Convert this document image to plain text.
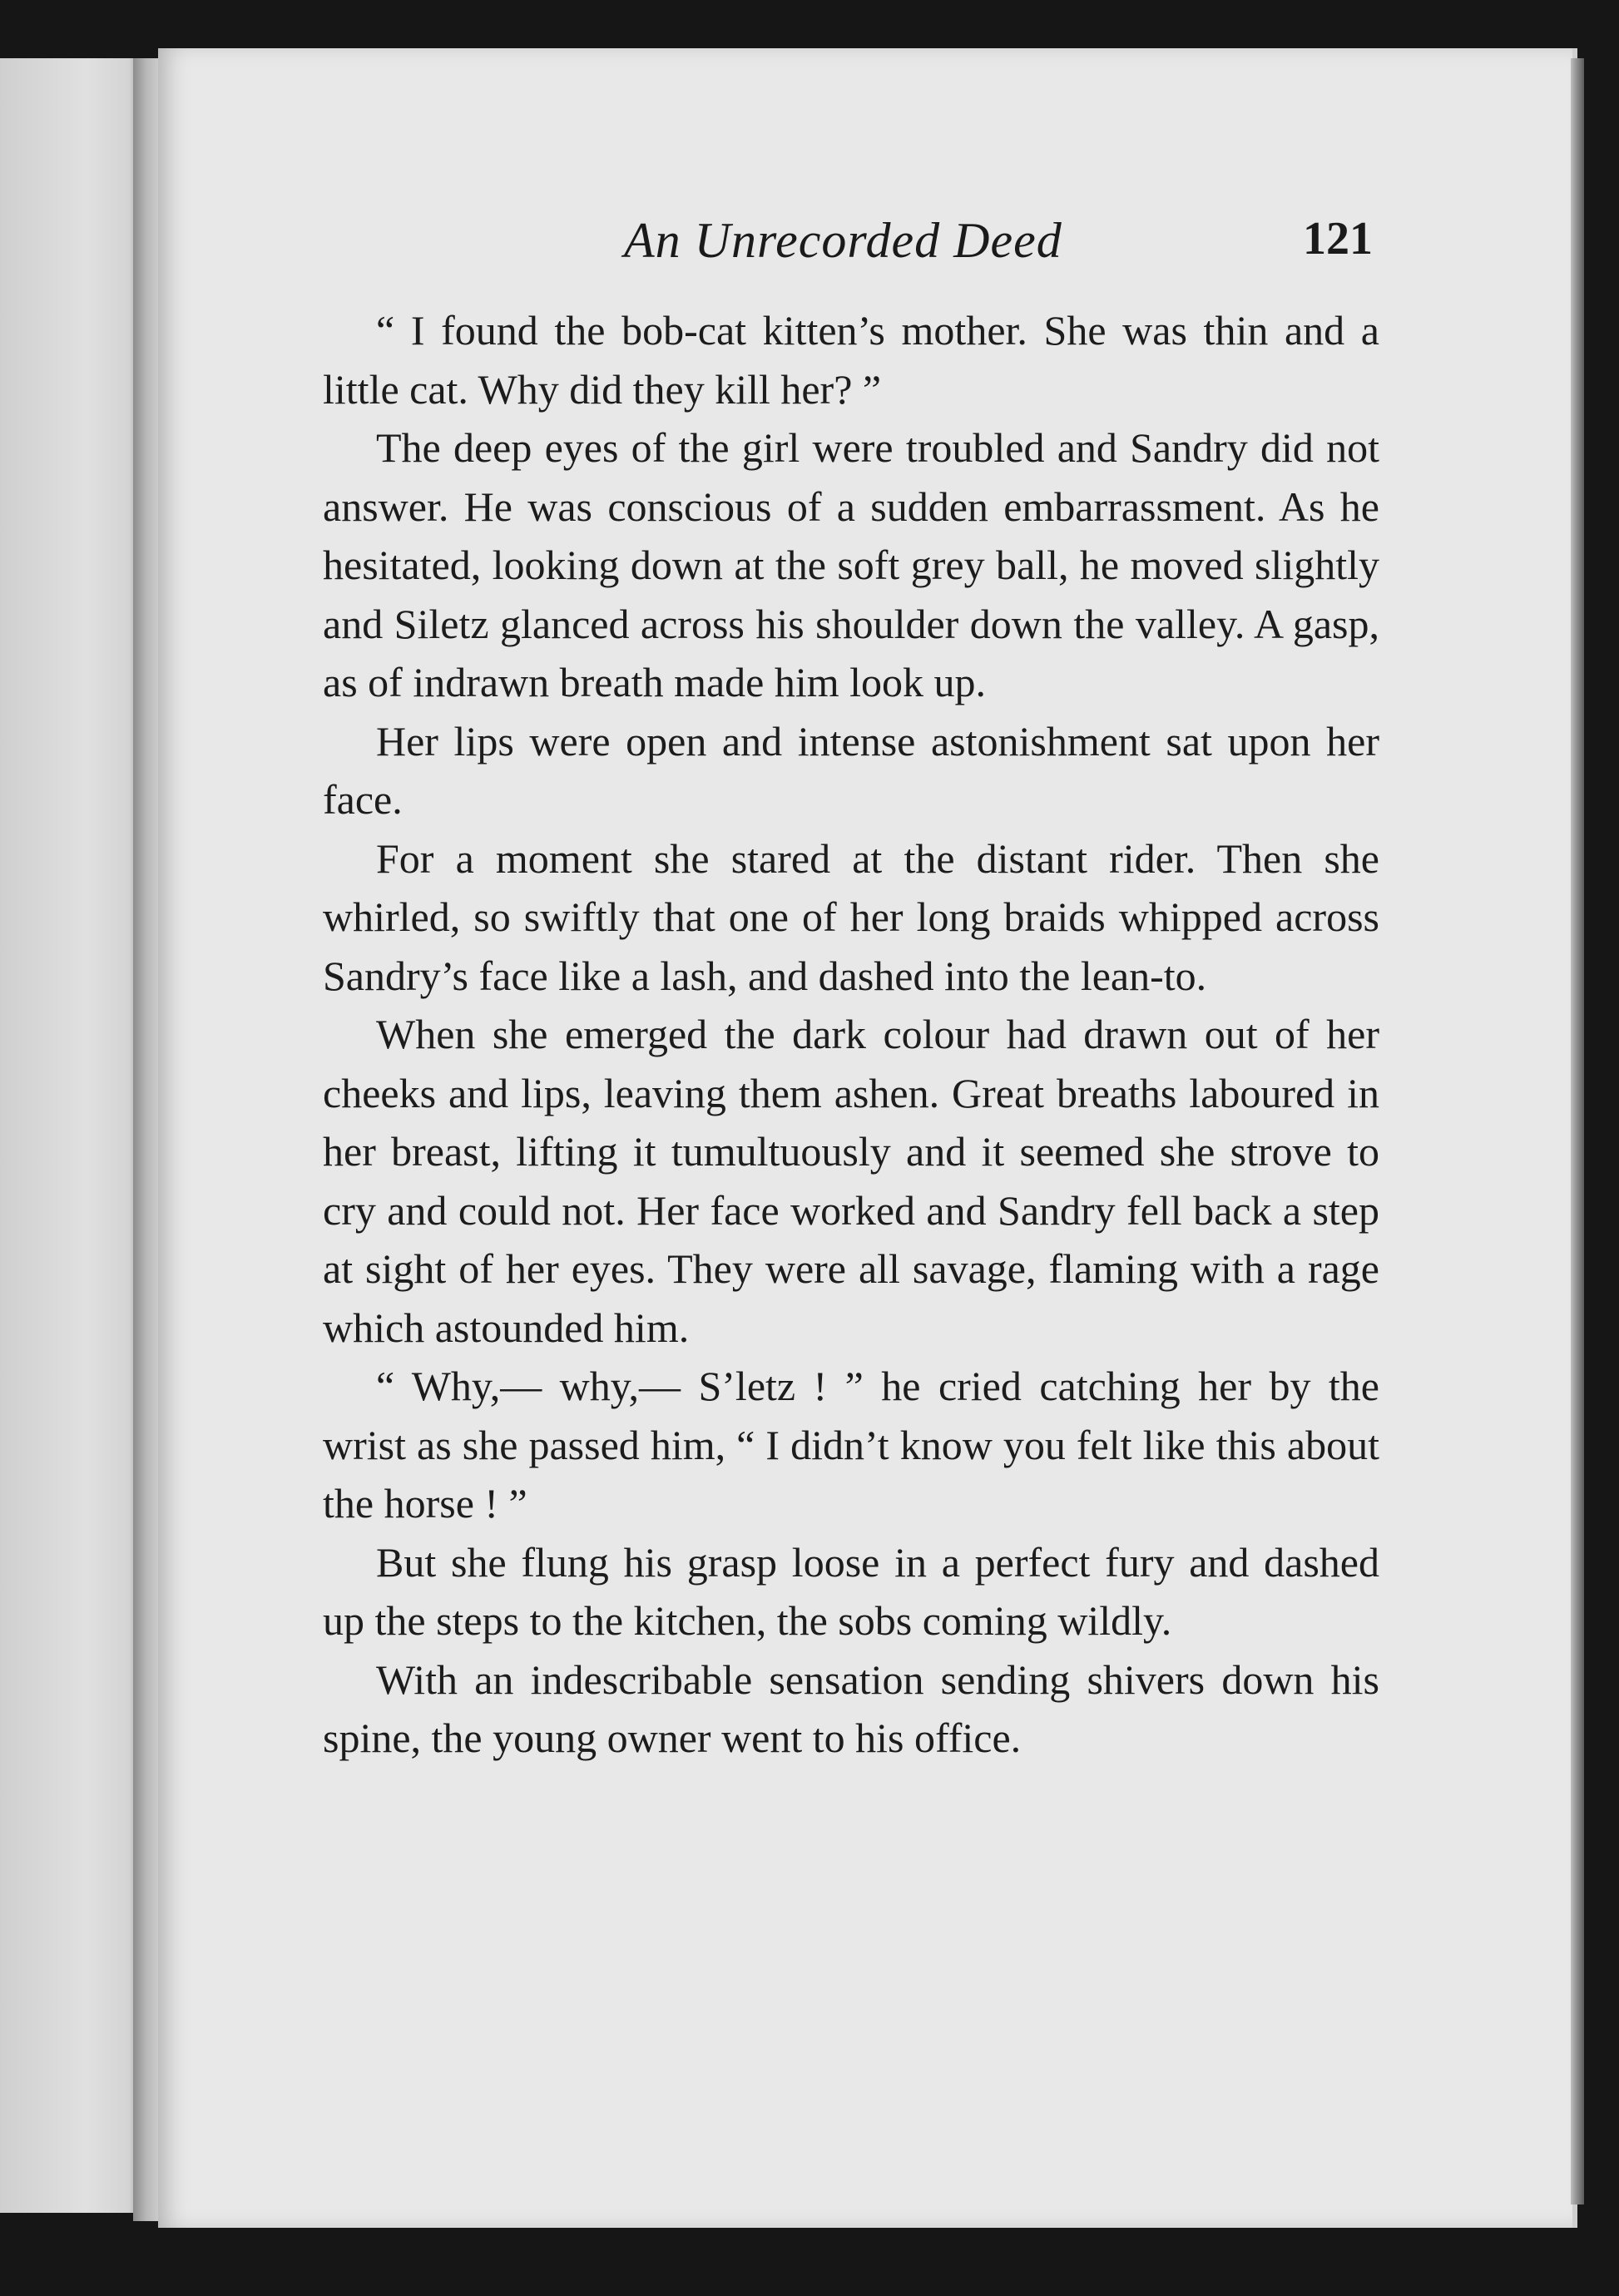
An Unrecorded Deed	121

“ I found the bob-cat kitten’s mother. She was thin and a little cat. Why did they kill her? ”

The deep eyes of the girl were troubled and Sandry did not answer. He was conscious of a sudden embarrassment. As he hesitated, looking down at the soft grey ball, he moved slightly and Siletz glanced across his shoulder down the valley. A gasp, as of indrawn breath made him look up.

Her lips were open and intense astonishment sat upon her face.

For a moment she stared at the distant rider. Then she whirled, so swiftly that one of her long braids whipped across Sandry’s face like a lash, and dashed into the lean-to.

When she emerged the dark colour had drawn out of her cheeks and lips, leaving them ashen. Great breaths laboured in her breast, lifting it tumultuously and it seemed she strove to cry and could not. Her face worked and Sandry fell back a step at sight of her eyes. They were all savage, flaming with a rage which astounded him.

“ Why,— why,— S’letz ! ” he cried catching her by the wrist as she passed him, “ I didn’t know you felt like this about the horse ! ”

But she flung his grasp loose in a perfect fury and dashed up the steps to the kitchen, the sobs coming wildly.

With an indescribable sensation sending shivers down his spine, the young owner went to his office.
